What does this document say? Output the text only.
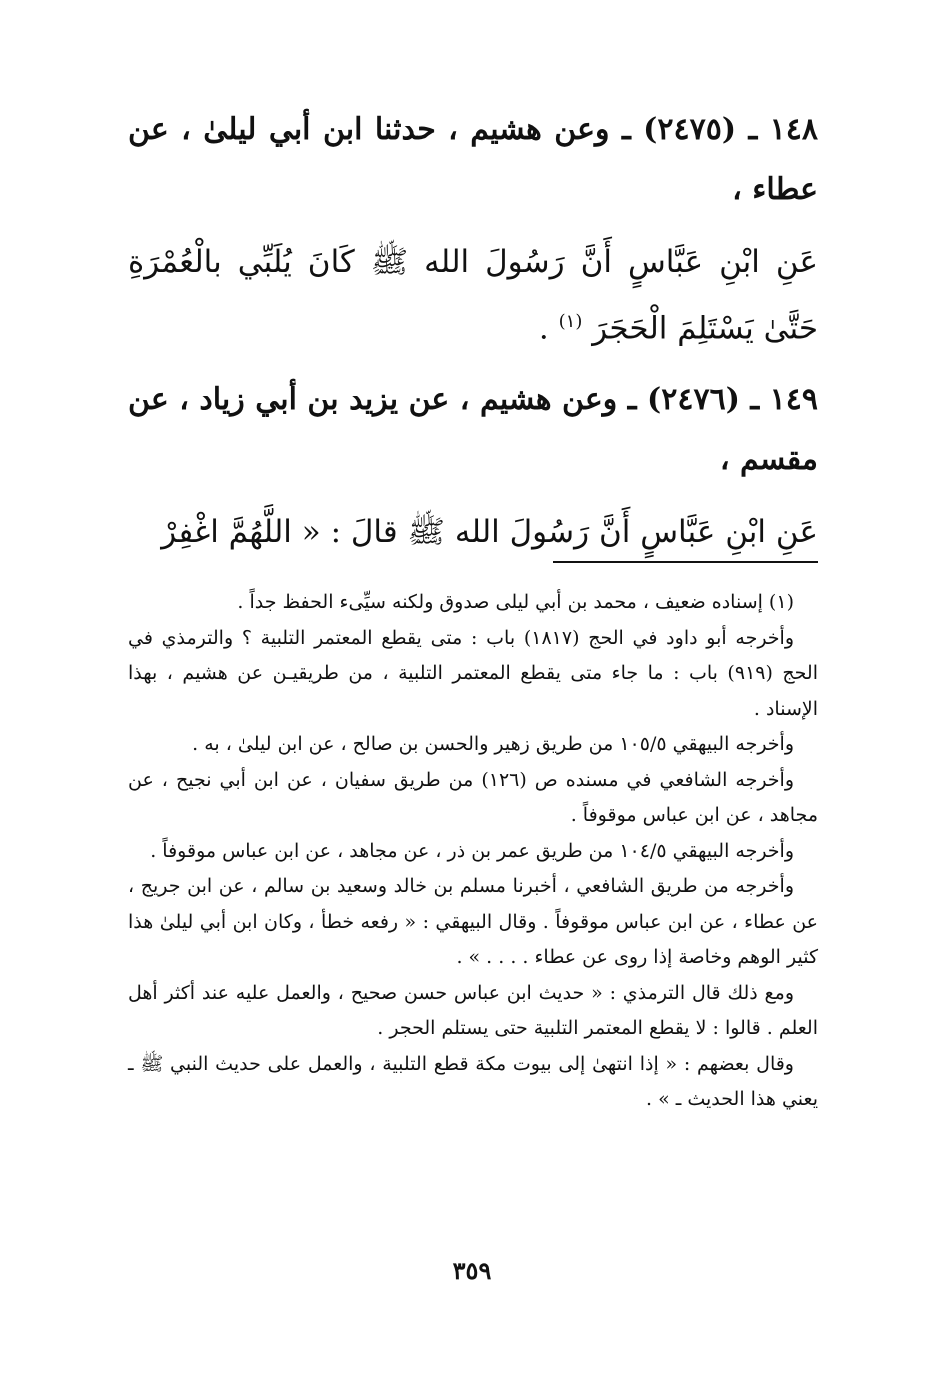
١٤٨ ـ (٢٤٧٥) ـ وعن هشيم ، حدثنا ابن أبي ليلىٰ ، عن عطاء ،

عَنِ ابْنِ عَبَّاسٍ أَنَّ رَسُولَ الله ﷺ كَانَ يُلَبِّي بالْعُمْرَةِ حَتَّىٰ يَسْتَلِمَ الْحَجَرَ $^{(١)}$ .

١٤٩ ـ (٢٤٧٦) ـ وعن هشيم ، عن يزيد بن أبي زياد ، عن مقسم ،

عَنِ ابْنِ عَبَّاسٍ أَنَّ رَسُولَ الله ﷺ قالَ : « اللَّهُمَّ اغْفِرْ

(١) إسناده ضعيف ، محمد بن أبي ليلى صدوق ولكنه سيِّىء الحفظ جداً .

وأخرجه أبو داود في الحج (١٨١٧) باب : متى يقطع المعتمر التلبية ؟ والترمذي في الحج (٩١٩) باب : ما جاء متى يقطع المعتمر التلبية ، من طريقيـن عن هشيم ، بهذا الإسناد .

وأخرجه البيهقي ١٠٥/٥ من طريق زهير والحسن بن صالح ، عن ابن ليلىٰ ، به .

وأخرجه الشافعي في مسنده ص (١٢٦) من طريق سفيان ، عن ابن أبي نجيح ، عن مجاهد ، عن ابن عباس موقوفاً .

وأخرجه البيهقي ١٠٤/٥ من طريق عمر بن ذر ، عن مجاهد ، عن ابن عباس موقوفاً .

وأخرجه من طريق الشافعي ، أخبرنا مسلم بن خالد وسعيد بن سالم ، عن ابن جريج ، عن عطاء ، عن ابن عباس موقوفاً . وقال البيهقي : « رفعه خطأ ، وكان ابن أبي ليلىٰ هذا كثير الوهم وخاصة إذا روى عن عطاء . . . . » .

ومع ذلك قال الترمذي : « حديث ابن عباس حسن صحيح ، والعمل عليه عند أكثر أهل العلم . قالوا : لا يقطع المعتمر التلبية حتى يستلم الحجر .

وقال بعضهم : « إذا انتهىٰ إلى بيوت مكة قطع التلبية ، والعمل على حديث النبي ﷺ ـ يعني هذا الحديث ـ » .

٣٥٩
